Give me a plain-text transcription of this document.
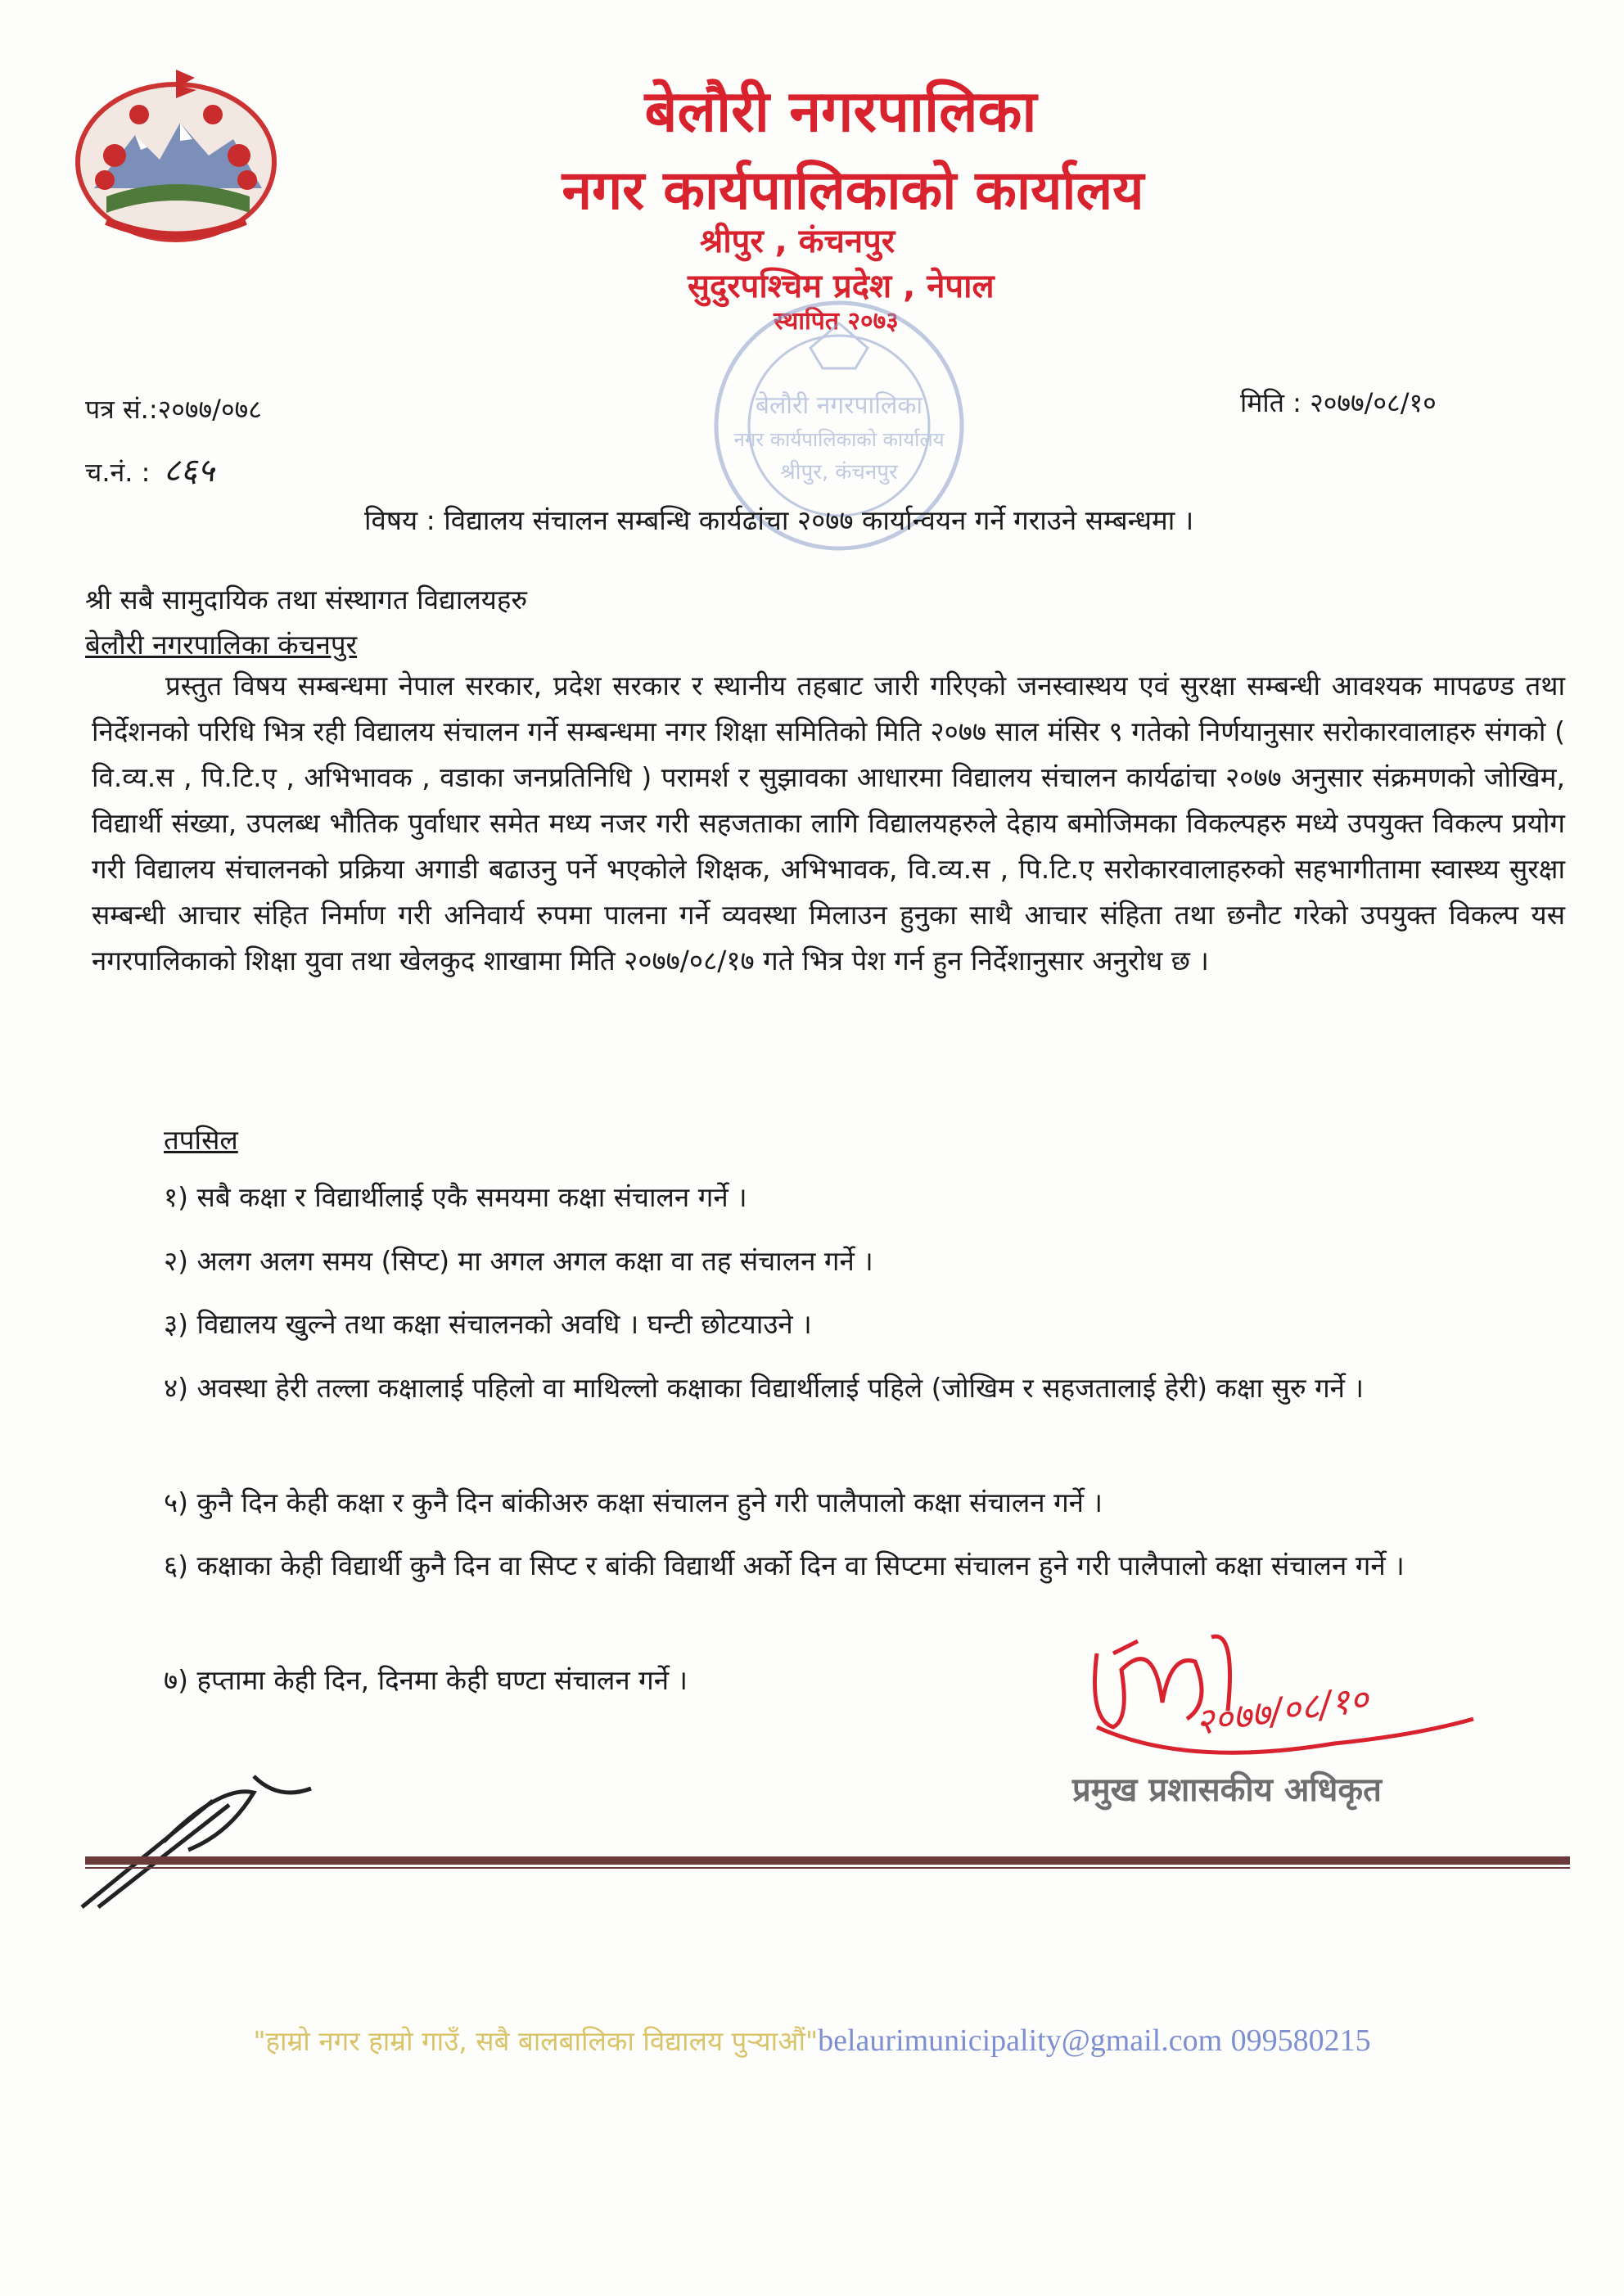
बेलौरी नगरपालिका
नगर कार्यपालिकाको कार्यालय
श्रीपुर , कंचनपुर
सुदुरपश्चिम प्रदेश , नेपाल
स्थापित २०७३
बेलौरी नगरपालिका
नगर कार्यपालिकाको कार्यालय
श्रीपुर, कंचनपुर
पत्र सं.:२०७७/०७८
च.नं. : ८६५
मिति : २०७७/०८/१०
विषय : विद्यालय संचालन सम्बन्धि कार्यढांचा २०७७ कार्यान्वयन गर्ने गराउने सम्बन्धमा ।
श्री सबै सामुदायिक तथा संस्थागत विद्यालयहरु
बेलौरी नगरपालिका कंचनपुर

प्रस्तुत विषय सम्बन्धमा नेपाल सरकार, प्रदेश सरकार र स्थानीय तहबाट जारी गरिएको जनस्वास्थय एवं सुरक्षा सम्बन्धी आवश्यक मापढण्ड तथा निर्देशनको परिधि भित्र रही विद्यालय संचालन गर्ने सम्बन्धमा नगर शिक्षा समितिको मिति २०७७ साल मंसिर ९ गतेको निर्णयानुसार सरोकारवालाहरु संगको ( वि.व्य.स , पि.टि.ए , अभिभावक , वडाका जनप्रतिनिधि ) परामर्श र सुझावका आधारमा विद्यालय संचालन कार्यढांचा २०७७ अनुसार संक्रमणको जोखिम, विद्यार्थी संख्या, उपलब्ध भौतिक पुर्वाधार समेत मध्य नजर गरी सहजताका लागि विद्यालयहरुले देहाय बमोजिमका विकल्पहरु मध्ये उपयुक्त विकल्प प्रयोग गरी विद्यालय संचालनको प्रक्रिया अगाडी बढाउनु पर्ने भएकोले शिक्षक, अभिभावक, वि.व्य.स , पि.टि.ए सरोकारवालाहरुको सहभागीतामा स्वास्थ्य सुरक्षा सम्बन्धी आचार संहित निर्माण गरी अनिवार्य रुपमा पालना गर्ने व्यवस्था मिलाउन हुनुका साथै आचार संहिता तथा छनौट गरेको उपयुक्त विकल्प यस नगरपालिकाको शिक्षा युवा तथा खेलकुद शाखामा मिति २०७७/०८/१७ गते भित्र पेश गर्न हुन निर्देशानुसार अनुरोध छ ।

तपसिल

१) सबै कक्षा र विद्यार्थीलाई एकै समयमा कक्षा संचालन गर्ने ।

२) अलग अलग समय (सिप्ट) मा अगल अगल कक्षा वा तह संचालन गर्ने ।

३) विद्यालय खुल्ने तथा कक्षा संचालनको अवधि । घन्टी छोटयाउने ।

४) अवस्था हेरी तल्ला कक्षालाई पहिलो वा माथिल्लो कक्षाका विद्यार्थीलाई पहिले (जोखिम र सहजतालाई हेरी) कक्षा सुरु गर्ने ।

५) कुनै दिन केही कक्षा र कुनै दिन बांकीअरु कक्षा संचालन हुने गरी पालैपालो कक्षा संचालन गर्ने ।

६) कक्षाका केही विद्यार्थी कुनै दिन वा सिप्ट र बांकी विद्यार्थी अर्को दिन वा सिप्टमा संचालन हुने गरी पालैपालो कक्षा संचालन गर्ने ।

७) हप्तामा केही दिन, दिनमा केही घण्टा संचालन गर्ने ।	२०७७/०८/१०
प्रमुख प्रशासकीय अधिकृत
"हाम्रो नगर हाम्रो गाउँ, सबै बालबालिका विद्यालय पुर्‍याऔं"belaurimunicipality@gmail.com 099580215
